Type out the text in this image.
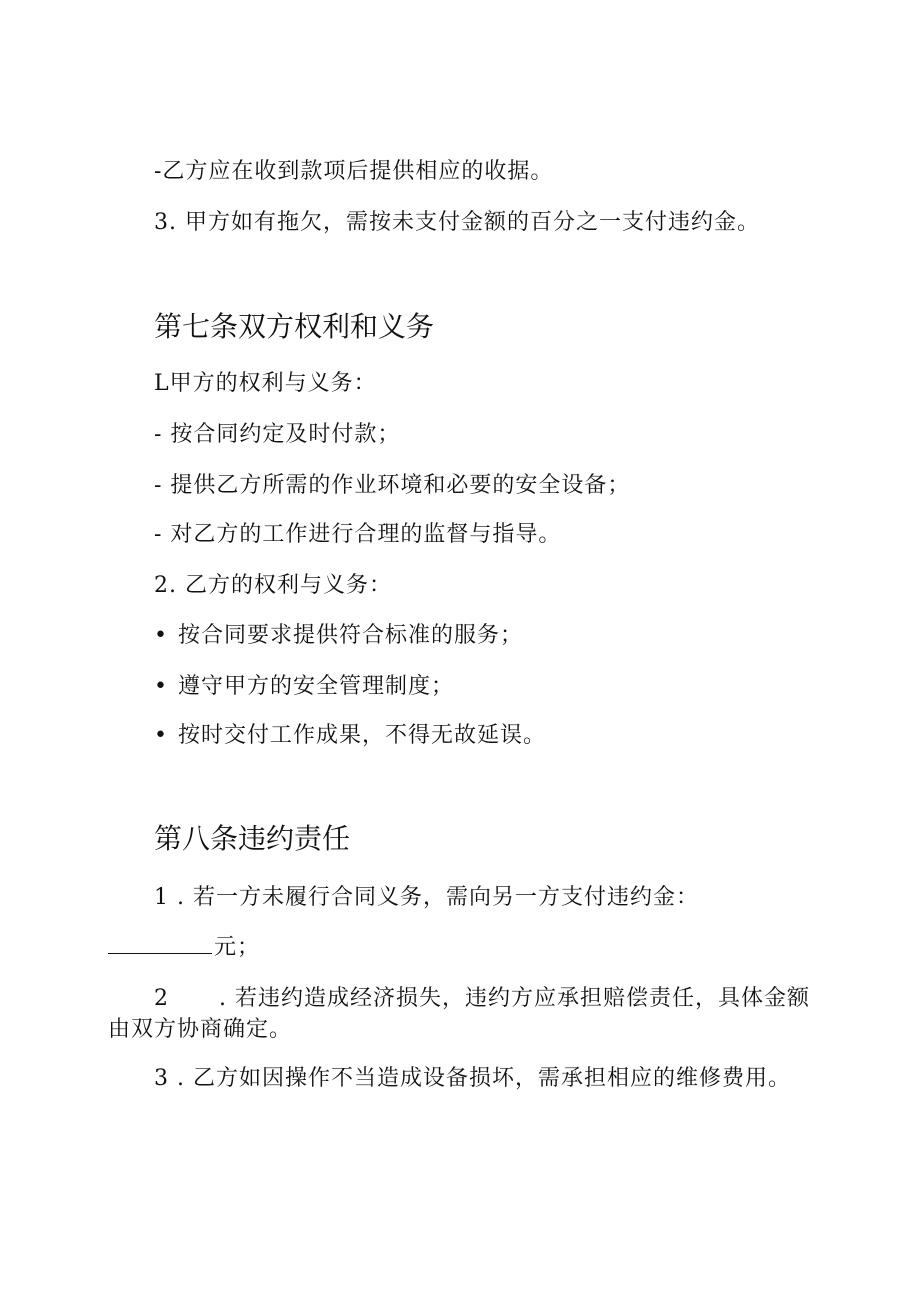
-乙方应在收到款项后提供相应的收据。
3. 甲方如有拖欠，需按未支付金额的百分之一支付违约金。
第七条双方权利和义务
L甲方的权利与义务：
- 按合同约定及时付款；
- 提供乙方所需的作业环境和必要的安全设备；
- 对乙方的工作进行合理的监督与指导。
2. 乙方的权利与义务：
• 按合同要求提供符合标准的服务；
• 遵守甲方的安全管理制度；
• 按时交付工作成果，不得无故延误。
第八条违约责任
1 . 若一方未履行合同义务，需向另一方支付违约金：
元；
2 . 若违约造成经济损失，违约方应承担赔偿责任，具体金额
由双方协商确定。
3 . 乙方如因操作不当造成设备损坏，需承担相应的维修费用。
